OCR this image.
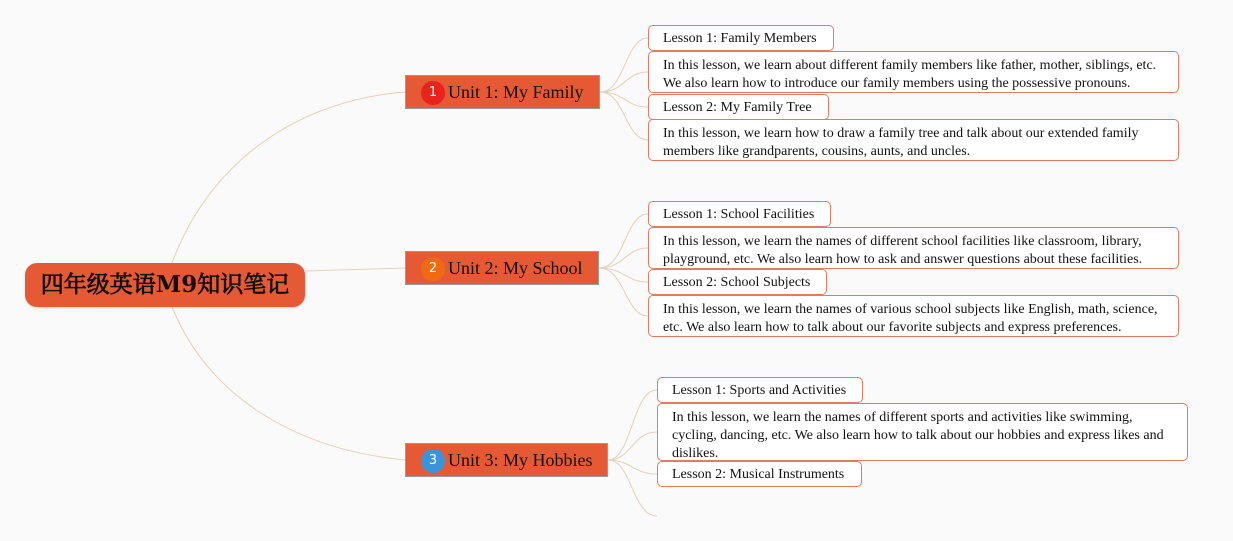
四年级英语M9知识笔记
1 Unit 1: My Family
Lesson 1: Family Members
In this lesson, we learn about different family members like father, mother, siblings, etc. We also learn how to introduce our family members using the possessive pronouns.
Lesson 2: My Family Tree
In this lesson, we learn how to draw a family tree and talk about our extended family members like grandparents, cousins, aunts, and uncles.
2 Unit 2: My School
Lesson 1: School Facilities
In this lesson, we learn the names of different school facilities like classroom, library, playground, etc. We also learn how to ask and answer questions about these facilities.
Lesson 2: School Subjects
In this lesson, we learn the names of various school subjects like English, math, science, etc. We also learn how to talk about our favorite subjects and express preferences.
3 Unit 3: My Hobbies
Lesson 1: Sports and Activities
In this lesson, we learn the names of different sports and activities like swimming, cycling, dancing, etc. We also learn how to talk about our hobbies and express likes and dislikes.
Lesson 2: Musical Instruments
